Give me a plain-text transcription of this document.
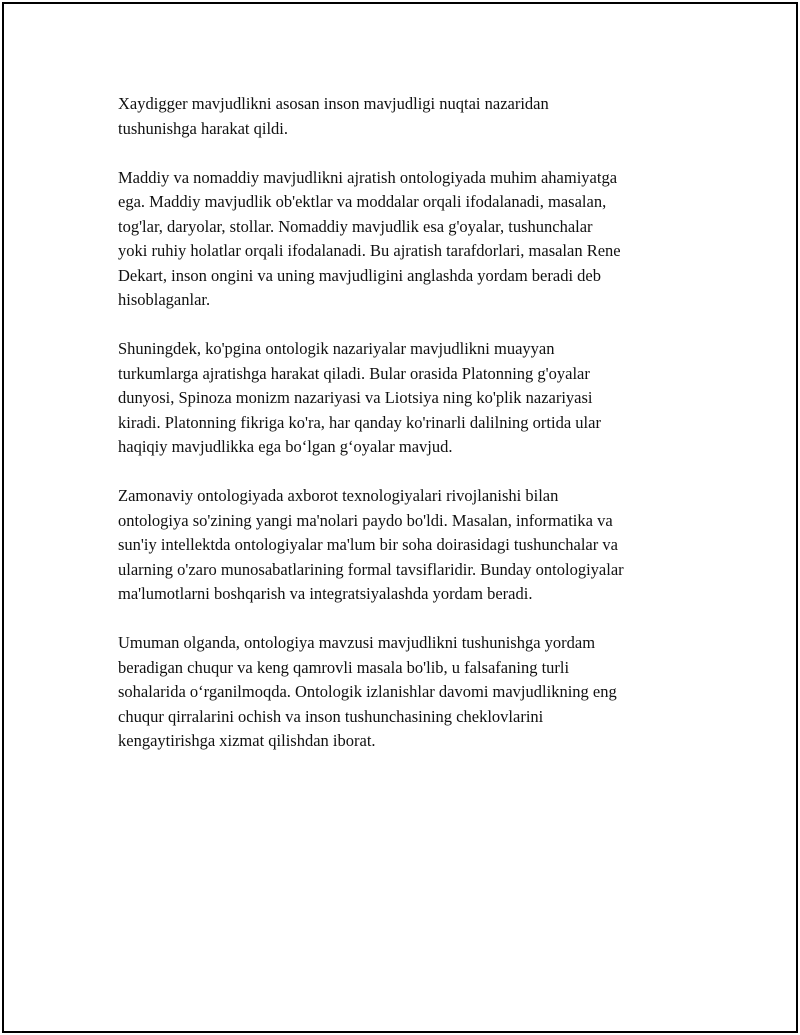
Xaydigger mavjudlikni asosan inson mavjudligi nuqtai nazaridan
tushunishga harakat qildi.

Maddiy va nomaddiy mavjudlikni ajratish ontologiyada muhim ahamiyatga
ega. Maddiy mavjudlik ob'ektlar va moddalar orqali ifodalanadi, masalan,
tog'lar, daryolar, stollar. Nomaddiy mavjudlik esa g'oyalar, tushunchalar
yoki ruhiy holatlar orqali ifodalanadi. Bu ajratish tarafdorlari, masalan Rene
Dekart, inson ongini va uning mavjudligini anglashda yordam beradi deb
hisoblaganlar.

Shuningdek, ko'pgina ontologik nazariyalar mavjudlikni muayyan
turkumlarga ajratishga harakat qiladi. Bular orasida Platonning g'oyalar
dunyosi, Spinoza monizm nazariyasi va Liotsiya ning ko'plik nazariyasi
kiradi. Platonning fikriga ko'ra, har qanday ko'rinarli dalilning ortida ular
haqiqiy mavjudlikka ega bo‘lgan g‘oyalar mavjud.

Zamonaviy ontologiyada axborot texnologiyalari rivojlanishi bilan
ontologiya so'zining yangi ma'nolari paydo bo'ldi. Masalan, informatika va
sun'iy intellektda ontologiyalar ma'lum bir soha doirasidagi tushunchalar va
ularning o'zaro munosabatlarining formal tavsiflaridir. Bunday ontologiyalar
ma'lumotlarni boshqarish va integratsiyalashda yordam beradi.

Umuman olganda, ontologiya mavzusi mavjudlikni tushunishga yordam
beradigan chuqur va keng qamrovli masala bo'lib, u falsafaning turli
sohalarida o‘rganilmoqda. Ontologik izlanishlar davomi mavjudlikning eng
chuqur qirralarini ochish va inson tushunchasining cheklovlarini
kengaytirishga xizmat qilishdan iborat.
